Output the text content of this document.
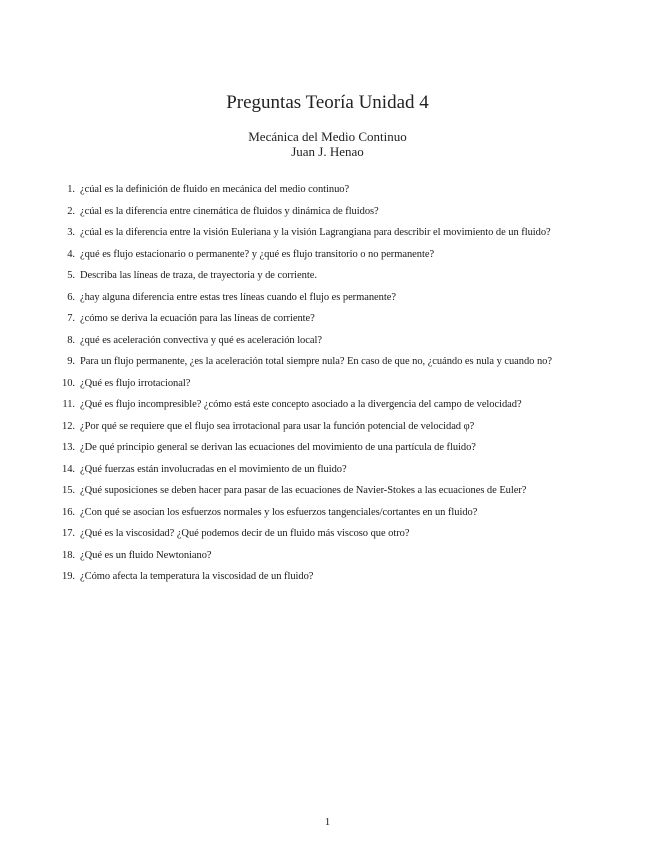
Preguntas Teoría Unidad 4
Mecánica del Medio Continuo
Juan J. Henao
1. ¿cúal es la definición de fluido en mecánica del medio continuo?
2. ¿cúal es la diferencia entre cinemática de fluidos y dinámica de fluidos?
3. ¿cúal es la diferencia entre la visión Euleriana y la visión Lagrangiana para describir el movimiento de un fluido?
4. ¿qué es flujo estacionario o permanente? y ¿qué es flujo transitorio o no permanente?
5. Describa las líneas de traza, de trayectoria y de corriente.
6. ¿hay alguna diferencia entre estas tres líneas cuando el flujo es permanente?
7. ¿cómo se deriva la ecuación para las líneas de corriente?
8. ¿qué es aceleración convectiva y qué es aceleración local?
9. Para un flujo permanente, ¿es la aceleración total siempre nula? En caso de que no, ¿cuándo es nula y cuando no?
10. ¿Qué es flujo irrotacional?
11. ¿Qué es flujo incompresible? ¿cómo está este concepto asociado a la divergencia del campo de velocidad?
12. ¿Por qué se requiere que el flujo sea irrotacional para usar la función potencial de velocidad φ?
13. ¿De qué principio general se derivan las ecuaciones del movimiento de una partícula de fluido?
14. ¿Qué fuerzas están involucradas en el movimiento de un fluido?
15. ¿Qué suposiciones se deben hacer para pasar de las ecuaciones de Navier-Stokes a las ecuaciones de Euler?
16. ¿Con qué se asocian los esfuerzos normales y los esfuerzos tangenciales/cortantes en un fluido?
17. ¿Qué es la viscosidad? ¿Qué podemos decir de un fluido más viscoso que otro?
18. ¿Qué es un fluido Newtoniano?
19. ¿Cómo afecta la temperatura la viscosidad de un fluido?
1
